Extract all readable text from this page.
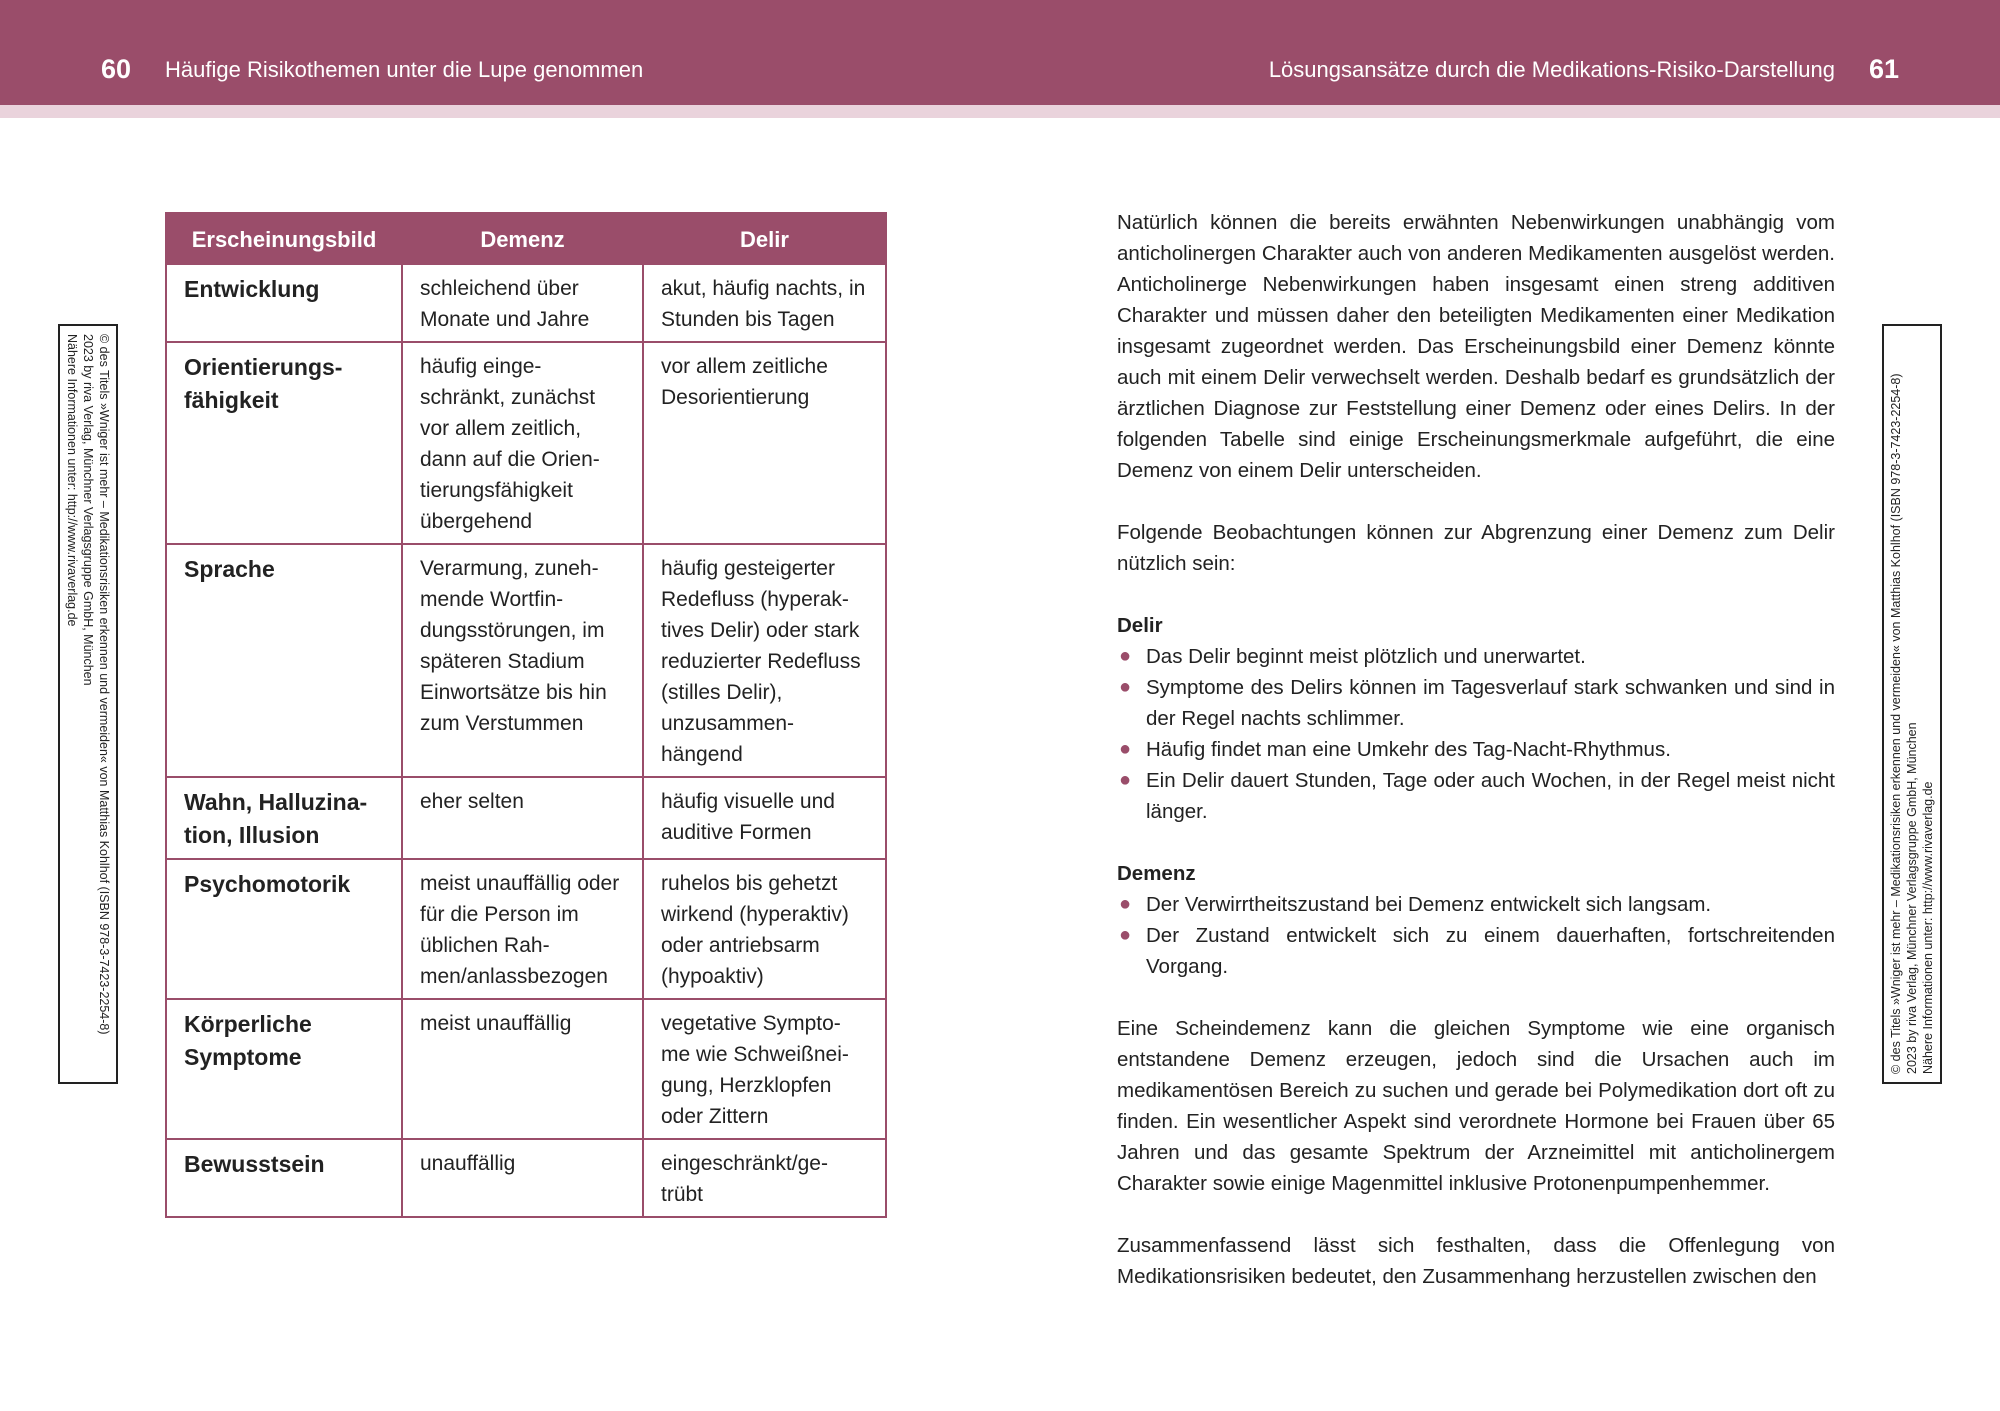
60 Häufige Risikothemen unter die Lupe genommen	Lösungsansätze durch die Medikations-Risiko-Darstellung 61
© des Titels »Wniger ist mehr – Medikationsrisiken erkennen und vermeiden« von Matthias Kohlhof (ISBN 978-3-7423-2254-8)
2023 by riva Verlag, Münchner Verlagsgruppe GmbH, München
Nähere Informationen unter: http://www.rivaverlag.de	© des Titels »Wniger ist mehr – Medikationsrisiken erkennen und vermeiden« von Matthias Kohlhof (ISBN 978-3-7423-2254-8) 2023 by riva Verlag, Münchner Verlagsgruppe GmbH, München Nähere Informationen unter: http://www.rivaverlag.de
Erscheinungsbild	Demenz	Delir
Entwicklung	schleichend über Monate und Jahre	akut, häufig nachts, in Stunden bis Tagen
Orientierungs-fähigkeit	häufig einge-schränkt, zunächst vor allem zeitlich, dann auf die Orien-tierungsfähigkeit übergehend	vor allem zeitliche Desorientierung
Sprache	Verarmung, zuneh-mende Wortfin-dungsstörungen, im späteren Stadium Einwortsätze bis hin zum Verstummen	häufig gesteigerter Redefluss (hyperak-tives Delir) oder stark reduzierter Redefluss (stilles Delir), unzusammen-hängend
Wahn, Halluzina-tion, Illusion	eher selten	häufig visuelle und auditive Formen
Psychomotorik	meist unauffällig oder für die Person im üblichen Rah-men/anlassbezogen	ruhelos bis gehetzt wirkend (hyperaktiv) oder antriebsarm (hypoaktiv)
Körperliche Symptome	meist unauffällig	vegetative Sympto-me wie Schweißnei-gung, Herzklopfen oder Zittern
Bewusstsein	unauffällig	eingeschränkt/ge-trübt

Natürlich können die bereits erwähnten Nebenwirkungen unabhängig vom anticholinergen Charakter auch von anderen Medikamenten ausgelöst werden. Anticholinerge Nebenwirkungen haben insgesamt einen streng additiven Charakter und müssen daher den beteiligten Medikamenten einer Medikation insgesamt zugeordnet werden. Das Erscheinungsbild einer Demenz könnte auch mit einem Delir verwechselt werden. Deshalb bedarf es grundsätzlich der ärztlichen Diagnose zur Feststellung einer Demenz oder eines Delirs. In der folgenden Tabelle sind einige Erscheinungsmerkmale aufgeführt, die eine Demenz von einem Delir unterscheiden.

Folgende Beobachtungen können zur Abgrenzung einer Demenz zum Delir nützlich sein:

Delir
● Das Delir beginnt meist plötzlich und unerwartet.
● Symptome des Delirs können im Tagesverlauf stark schwanken und sind in der Regel nachts schlimmer.
● Häufig findet man eine Umkehr des Tag-Nacht-Rhythmus.
● Ein Delir dauert Stunden, Tage oder auch Wochen, in der Regel meist nicht länger.
Demenz
● Der Verwirrtheitszustand bei Demenz entwickelt sich langsam.
● Der Zustand entwickelt sich zu einem dauerhaften, fortschreitenden Vorgang.

Eine Scheindemenz kann die gleichen Symptome wie eine organisch entstandene Demenz erzeugen, jedoch sind die Ursachen auch im medikamentösen Bereich zu suchen und gerade bei Polymedikation dort oft zu finden. Ein wesentlicher Aspekt sind verordnete Hormone bei Frauen über 65 Jahren und das gesamte Spektrum der Arzneimittel mit anticholinergem Charakter sowie einige Magenmittel inklusive Protonenpumpenhemmer.

Zusammenfassend lässt sich festhalten, dass die Offenlegung von Medikationsrisiken bedeutet, den Zusammenhang herzustellen zwischen den
